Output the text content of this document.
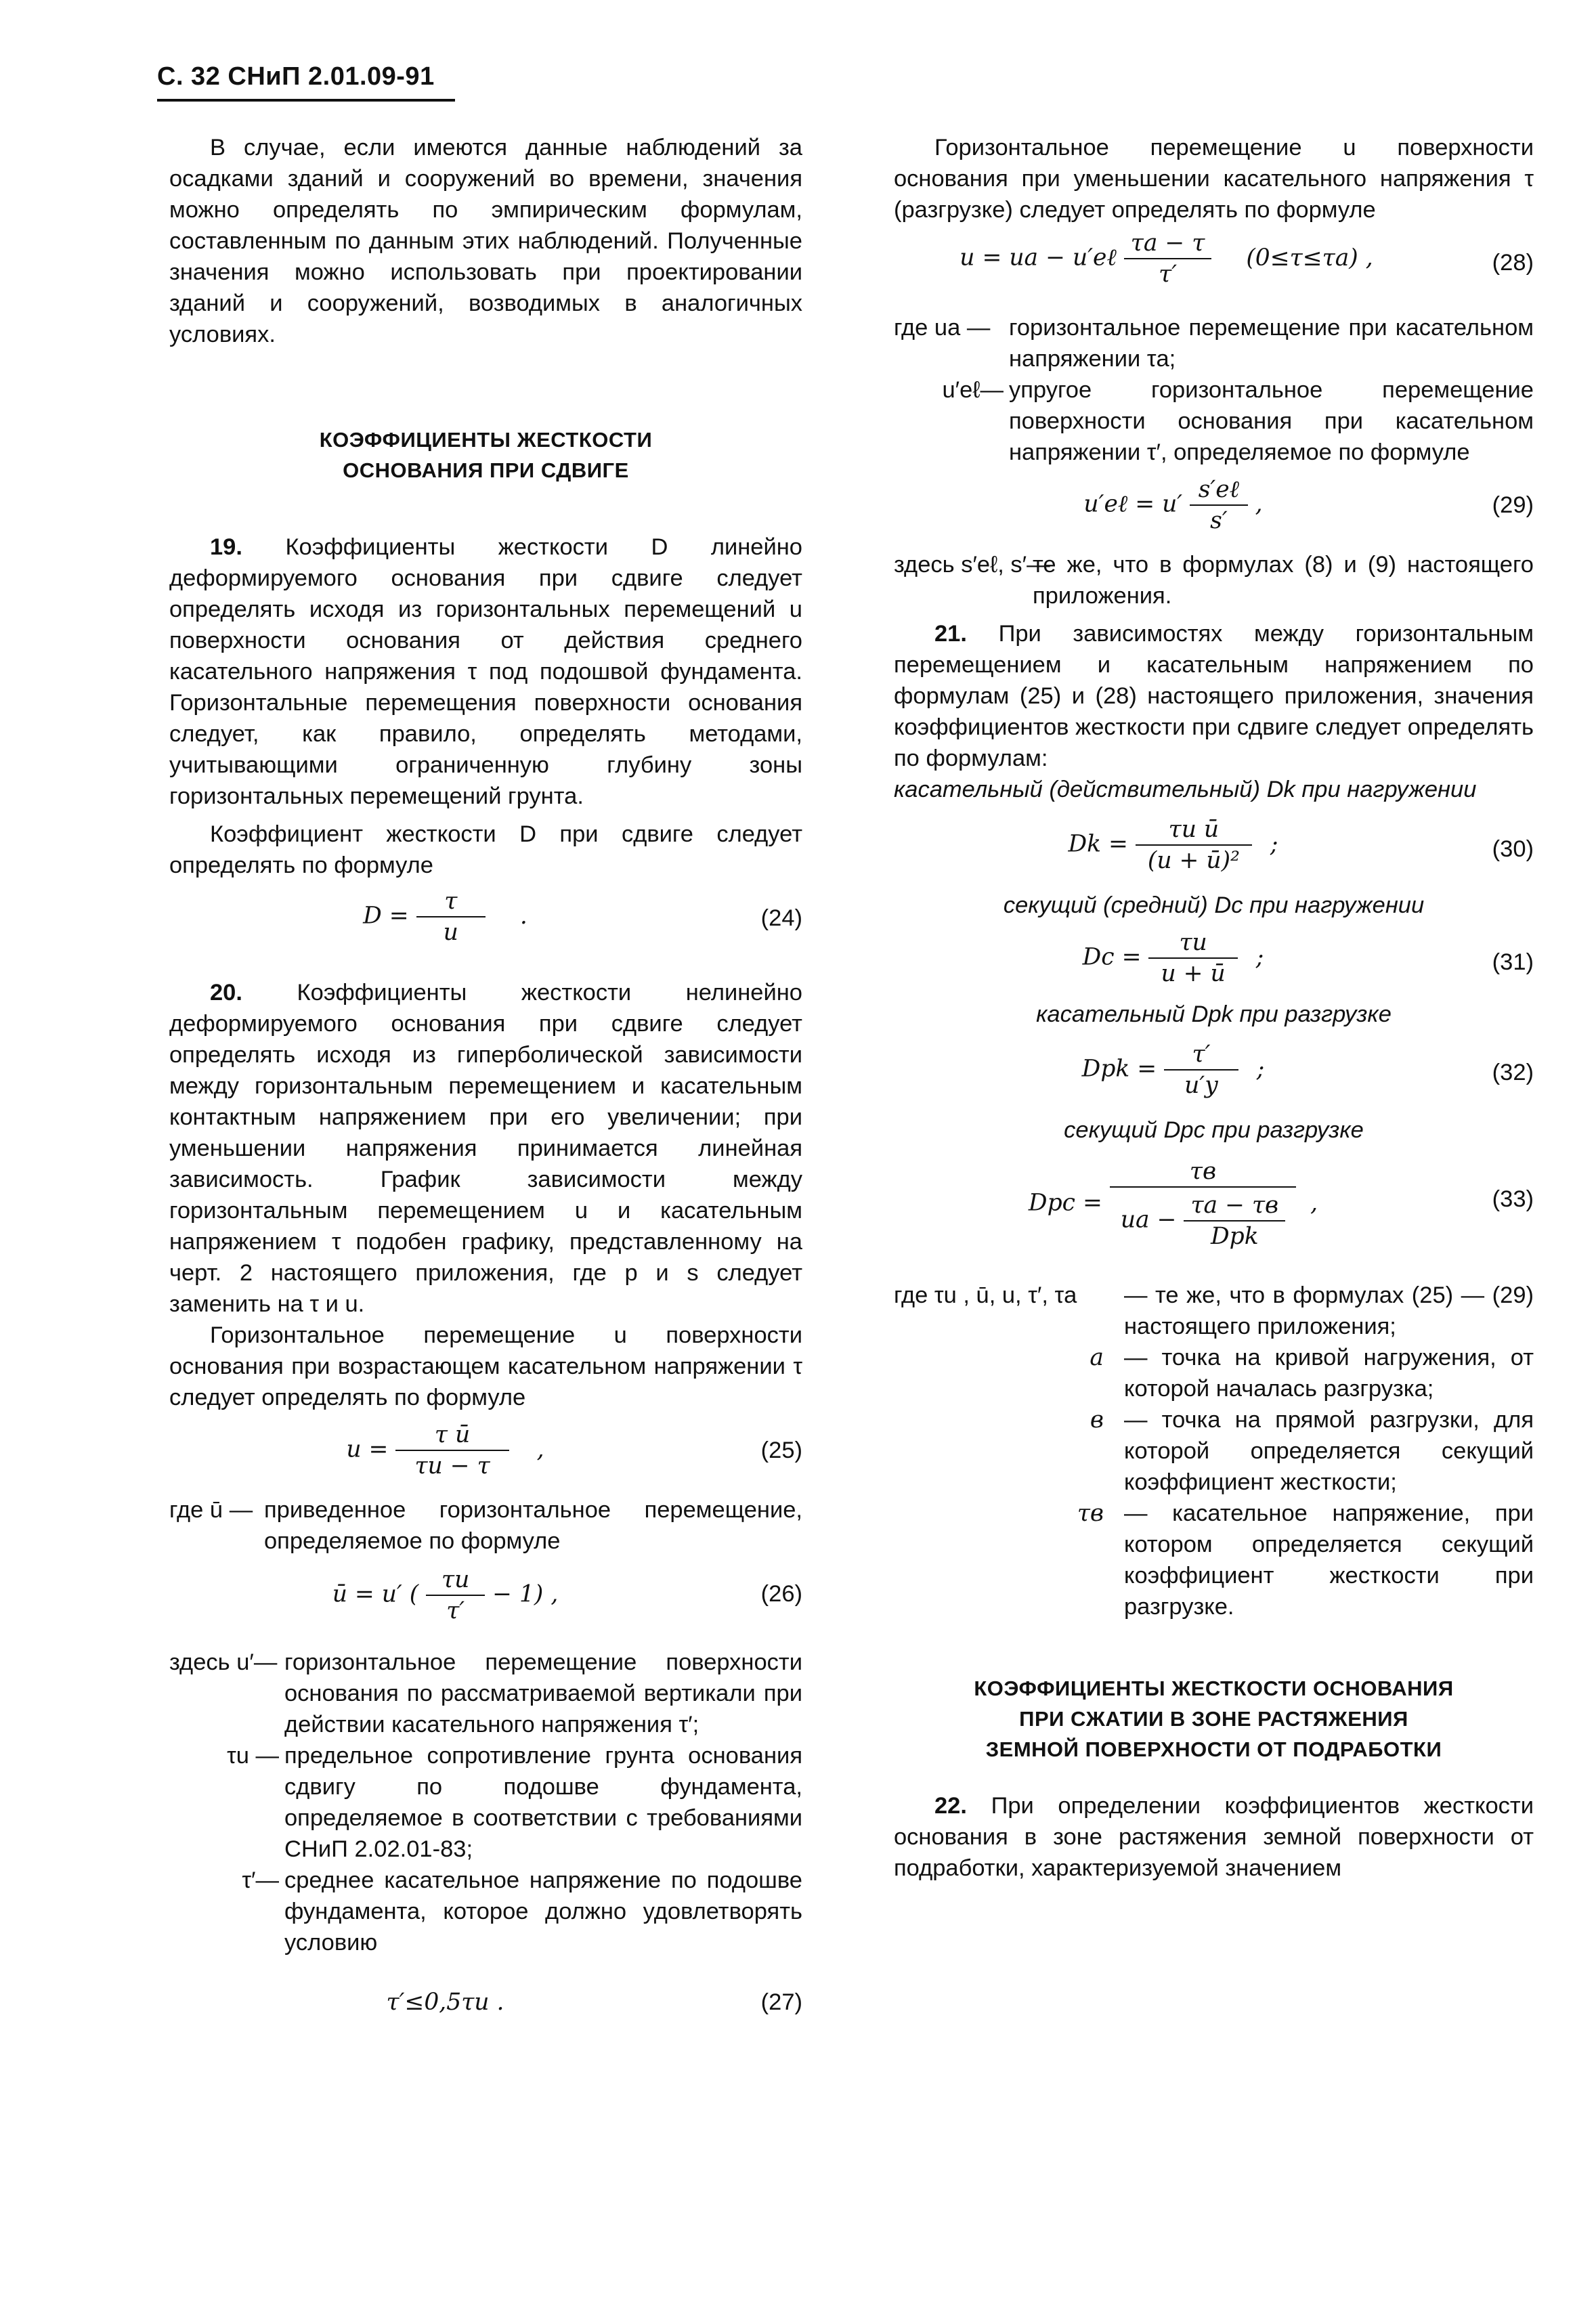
С. 32 СНиП 2.01.09-91

В случае, если имеются данные наблюдений за осадками зданий и сооружений во времени, значения можно определять по эмпирическим формулам, составленным по данным этих наблюдений. Полученные значения можно использовать при проектировании зданий и сооружений, возводимых в аналогичных условиях.

КОЭФФИЦИЕНТЫ ЖЕСТКОСТИ
ОСНОВАНИЯ ПРИ СДВИГЕ

19. Коэффициенты жесткости D линейно деформируемого основания при сдвиге следует определять исходя из горизонтальных перемещений u поверхности основания от действия среднего касательного напряжения τ под подошвой фундамента. Горизонтальные перемещения поверхности основания следует, как правило, определять методами, учитывающими ограниченную глубину зоны горизонтальных перемещений грунта.

Коэффициент жесткости D при сдвиге следует определять по формуле

$D = \frac{\tau}{u}$ .	(24)

20. Коэффициенты жесткости нелинейно деформируемого основания при сдвиге следует определять исходя из гиперболической зависимости между горизонтальным перемещением и касательным контактным напряжением при его увеличении; при уменьшении напряжения принимается линейная зависимость. График зависимости между горизонтальным перемещением u и касательным напряжением τ подобен графику, представленному на черт. 2 настоящего приложения, где p и s следует заменить на τ и u.

Горизонтальное перемещение u поверхности основания при возрастающем касательном напряжении τ следует определять по формуле

$u = \frac{\text{τ ū}}{\tau u - \tau}$ ,	(25)
где ū — приведенное горизонтальное перемещение, определяемое по формуле
ū = u′ ( $\frac{\tau u}{\tau'} - 1$) ,	(26)
здесь u′— горизонтальное перемещение поверхности основания по рассматриваемой вертикали при действии касательного напряжения τ′;
τu — предельное сопротивление грунта основания сдвигу по подошве фундамента, определяемое в соответствии с требованиями СНиП 2.02.01-83;
τ′— среднее касательное напряжение по подошве фундамента, которое должно удовлетворять условию
τ′≤0,5τu .	(27)

Горизонтальное перемещение u поверхности основания при уменьшении касательного напряжения τ (разгрузке) следует определять по формуле

u = ua − u′eℓ $\frac{\tau a - \tau}{\tau'} (0\le\tau\le\tau a)$ ,	(28)
где ua — горизонтальное перемещение при касательном напряжении τa;
u′eℓ— упругое горизонтальное перемещение поверхности основания при касательном напряжении τ′, определяемое по формуле
u′eℓ = $u' \frac{\text{s′eℓ}}{s'}$ ,	(29)
здесь s′eℓ, s′—
те же, что в формулах (8) и (9) настоящего приложения.

21. При зависимостях между горизонтальным перемещением и касательным напряжением по формулам (25) и (28) настоящего приложения, значения коэффициентов жесткости при сдвиге следует определять по формулам:

касательный (действительный) Dk при нагружении
$Dk = \frac{\text{τu ū}}{\text{(u + ū)²}}$ ;	(30)
секущий (средний) Dc при нагружении
$Dc = \frac{\tau u}{u + ū}$ ;	(31)
касательный Dpk при разгрузке
Dpk = $\frac{\tau'}{u'y}$ ;	(32)
секущий Dpc при разгрузке
Dpc = $\frac{\tau в}{ua - \frac{\tau a - \tau в}{\text{Dpk}}}$ ,	(33)
где τu , ū, u, τ′, τa	— те же, что в формулах (25) — (29) настоящего приложения;
a — точка на кривой нагружения, от которой началась разгрузка;
в — точка на прямой разгрузки, для которой определяется секущий коэффициент жесткости;
τв — касательное напряжение, при котором определяется секущий коэффициент жесткости при разгрузке.
КОЭФФИЦИЕНТЫ ЖЕСТКОСТИ ОСНОВАНИЯ
ПРИ СЖАТИИ В ЗОНЕ РАСТЯЖЕНИЯ
ЗЕМНОЙ ПОВЕРХНОСТИ ОТ ПОДРАБОТКИ

22. При определении коэффициентов жесткости основания в зоне растяжения земной поверхности от подработки, характеризуемой значением
